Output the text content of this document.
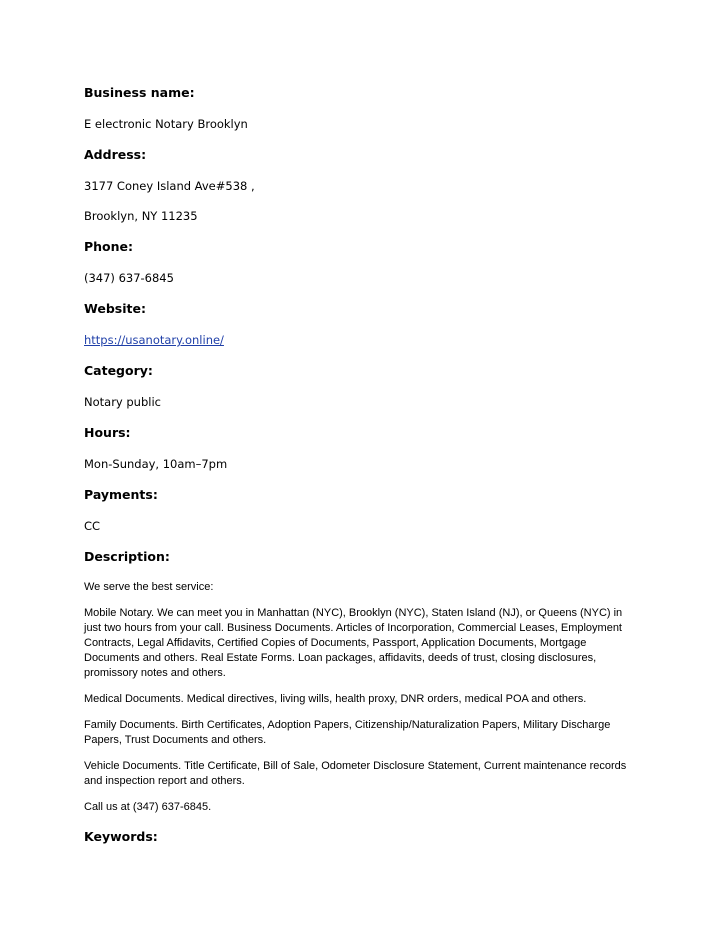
Business name:

E electronic Notary Brooklyn

Address:

3177 Coney Island Ave#538 ,

Brooklyn, NY 11235

Phone:

(347) 637-6845

Website:

https://usanotary.online/

Category:

Notary public

Hours:

Mon-Sunday, 10am–7pm

Payments:

CC

Description:

We serve the best service:

Mobile Notary. We can meet you in Manhattan (NYC), Brooklyn (NYC), Staten Island (NJ), or Queens (NYC) in just two hours from your call. Business Documents. Articles of Incorporation, Commercial Leases, Employment Contracts, Legal Affidavits, Certified Copies of Documents, Passport, Application Documents, Mortgage Documents and others. Real Estate Forms. Loan packages, affidavits, deeds of trust, closing disclosures, promissory notes and others.

Medical Documents. Medical directives, living wills, health proxy, DNR orders, medical POA and others.

Family Documents. Birth Certificates, Adoption Papers, Citizenship/Naturalization Papers, Military Discharge Papers, Trust Documents and others.

Vehicle Documents. Title Certificate, Bill of Sale, Odometer Disclosure Statement, Current maintenance records and inspection report and others.

Call us at (347) 637-6845.

Keywords:
